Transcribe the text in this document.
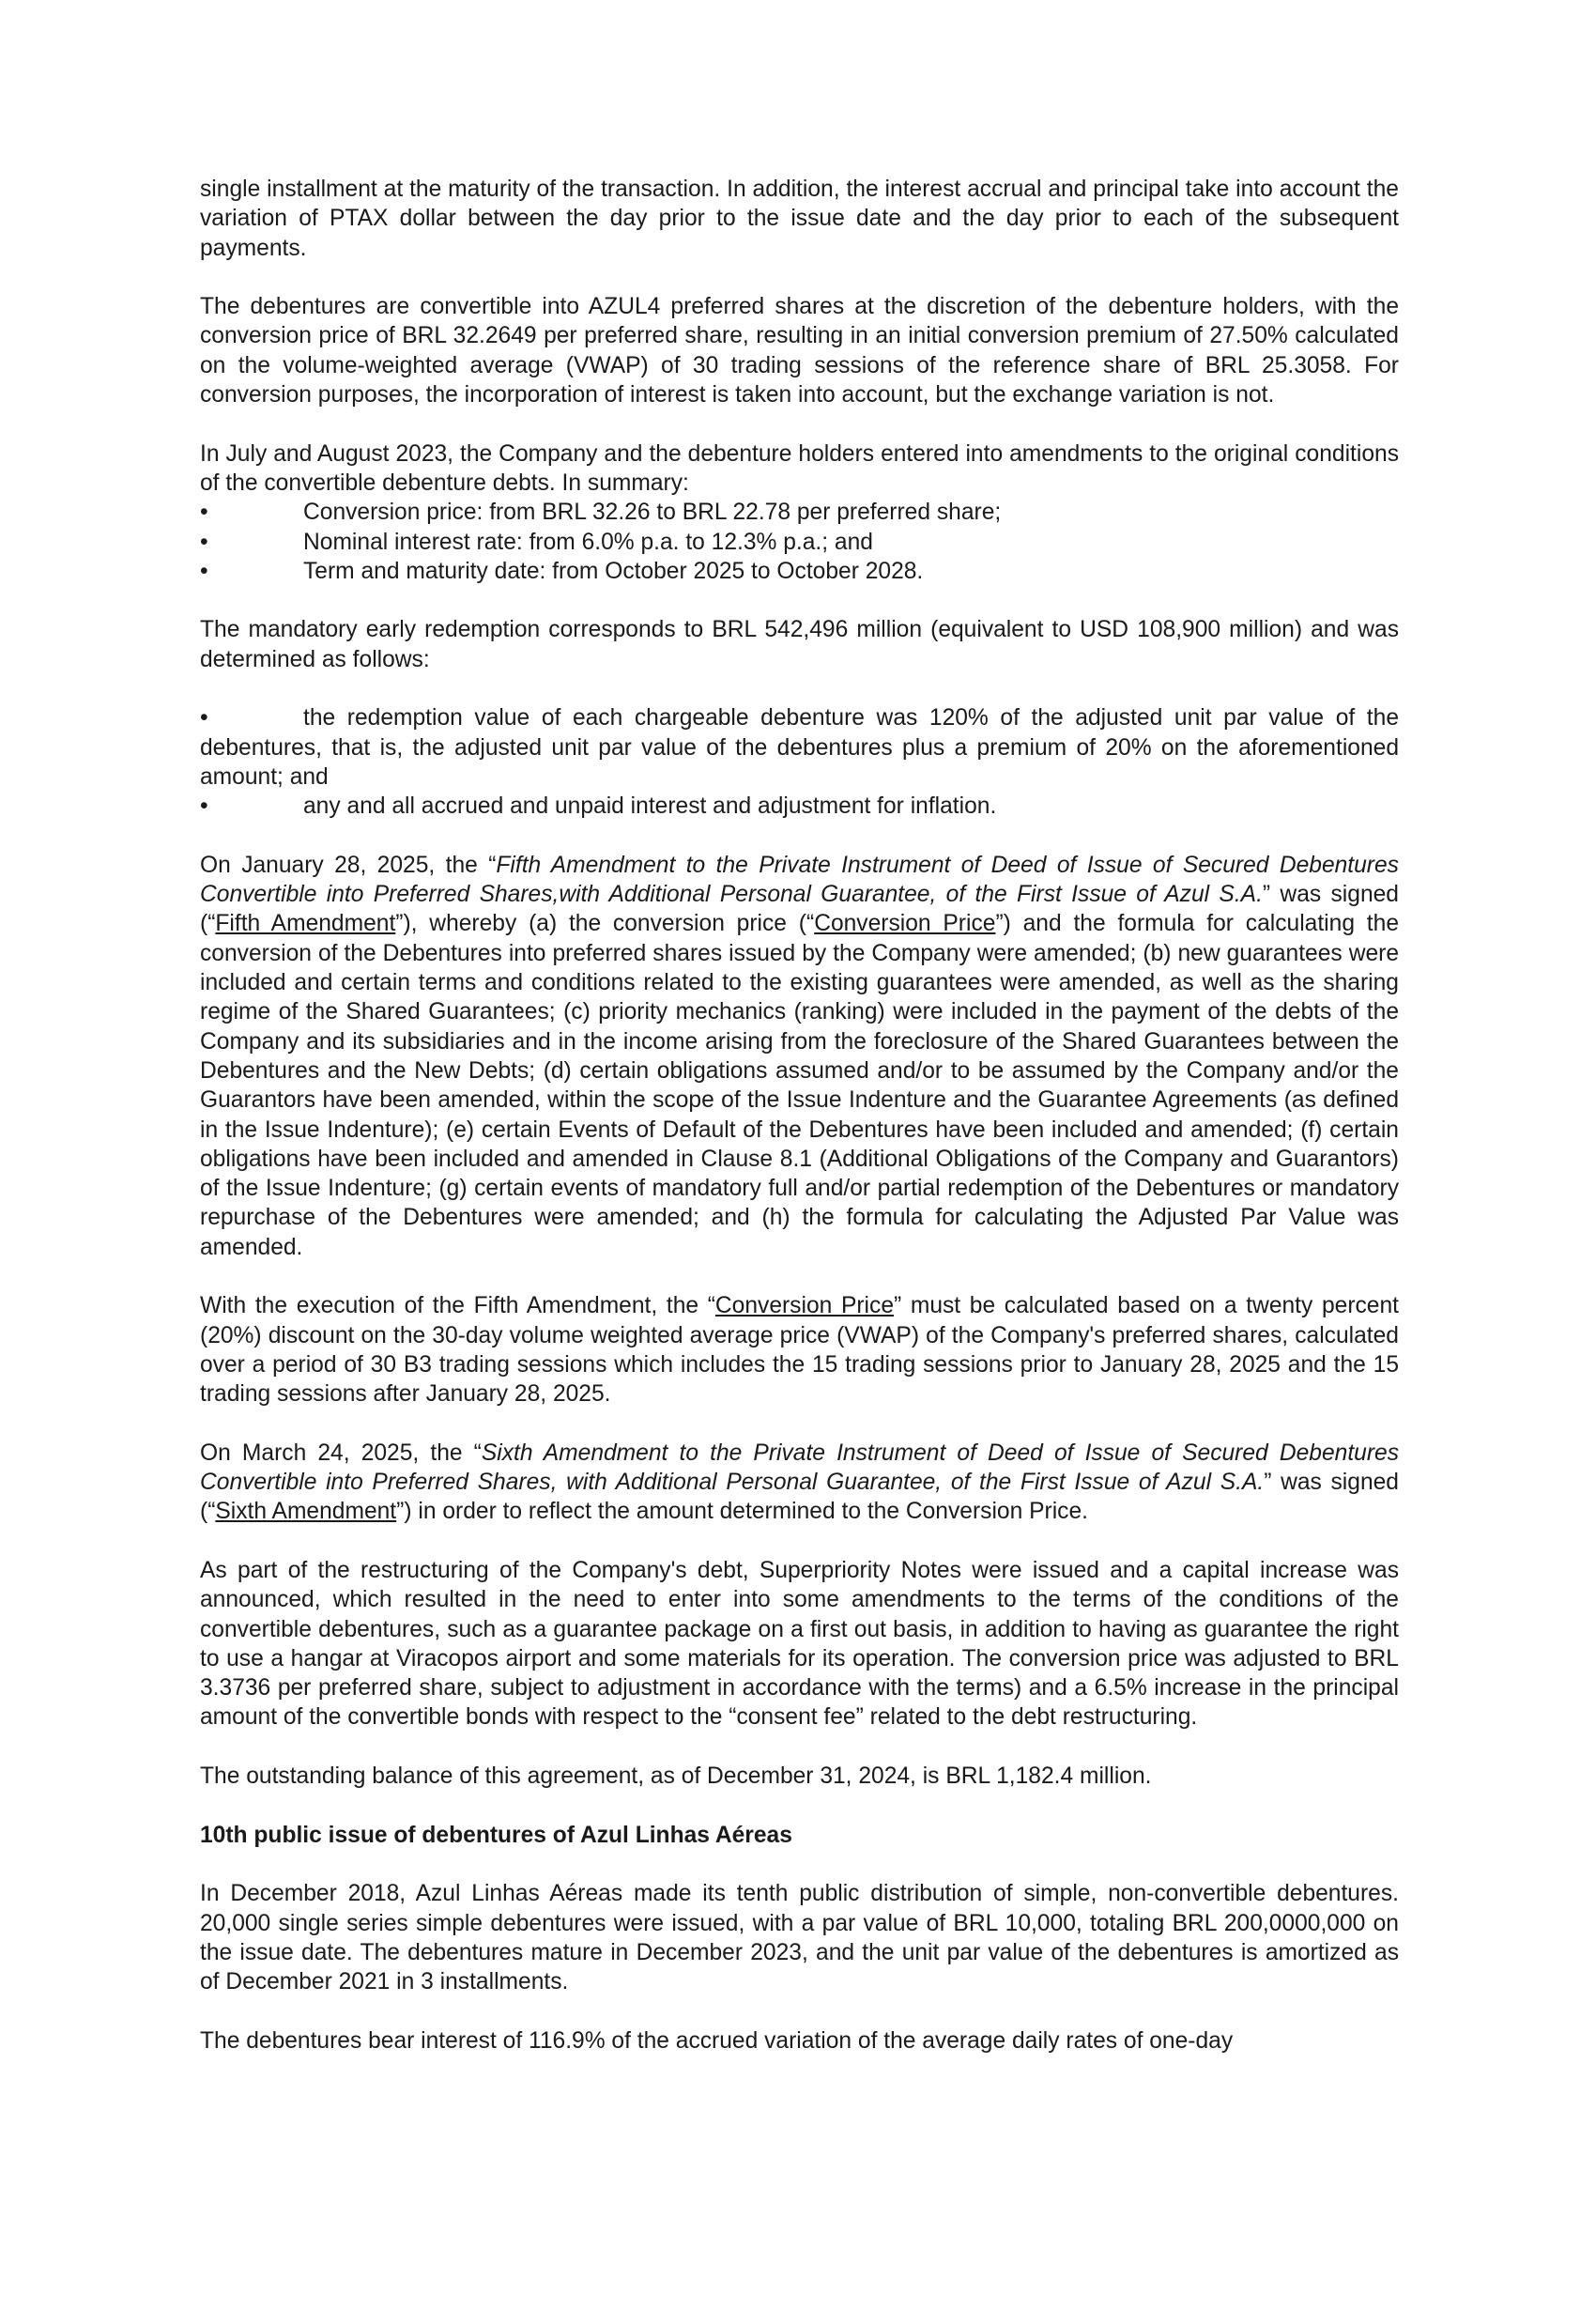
single installment at the maturity of the transaction. In addition, the interest accrual and principal take into account the variation of PTAX dollar between the day prior to the issue date and the day prior to each of the subsequent payments.

The debentures are convertible into AZUL4 preferred shares at the discretion of the debenture holders, with the conversion price of BRL 32.2649 per preferred share, resulting in an initial conversion premium of 27.50% calculated on the volume-weighted average (VWAP) of 30 trading sessions of the reference share of BRL 25.3058. For conversion purposes, the incorporation of interest is taken into account, but the exchange variation is not.

In July and August 2023, the Company and the debenture holders entered into amendments to the original conditions of the convertible debenture debts. In summary:

•	Conversion price: from BRL 32.26 to BRL 22.78 per preferred share;
•	Nominal interest rate: from 6.0% p.a. to 12.3% p.a.; and
•	Term and maturity date: from October 2025 to October 2028.

The mandatory early redemption corresponds to BRL 542,496 million (equivalent to USD 108,900 million) and was determined as follows:

•	the redemption value of each chargeable debenture was 120% of the adjusted unit par value of the debentures, that is, the adjusted unit par value of the debentures plus a premium of 20% on the aforementioned amount; and
•	any and all accrued and unpaid interest and adjustment for inflation.

On January 28, 2025, the “Fifth Amendment to the Private Instrument of Deed of Issue of Secured Debentures Convertible into Preferred Shares,with Additional Personal Guarantee, of the First Issue of Azul S.A.” was signed (“Fifth Amendment”), whereby (a) the conversion price (“Conversion Price”) and the formula for calculating the conversion of the Debentures into preferred shares issued by the Company were amended; (b) new guarantees were included and certain terms and conditions related to the existing guarantees were amended, as well as the sharing regime of the Shared Guarantees; (c) priority mechanics (ranking) were included in the payment of the debts of the Company and its subsidiaries and in the income arising from the foreclosure of the Shared Guarantees between the Debentures and the New Debts; (d) certain obligations assumed and/or to be assumed by the Company and/or the Guarantors have been amended, within the scope of the Issue Indenture and the Guarantee Agreements (as defined in the Issue Indenture); (e) certain Events of Default of the Debentures have been included and amended; (f) certain obligations have been included and amended in Clause 8.1 (Additional Obligations of the Company and Guarantors) of the Issue Indenture; (g) certain events of mandatory full and/or partial redemption of the Debentures or mandatory repurchase of the Debentures were amended; and (h) the formula for calculating the Adjusted Par Value was amended.

With the execution of the Fifth Amendment, the “Conversion Price” must be calculated based on a twenty percent (20%) discount on the 30-day volume weighted average price (VWAP) of the Company's preferred shares, calculated over a period of 30 B3 trading sessions which includes the 15 trading sessions prior to January 28, 2025 and the 15 trading sessions after January 28, 2025.

On March 24, 2025, the “Sixth Amendment to the Private Instrument of Deed of Issue of Secured Debentures Convertible into Preferred Shares, with Additional Personal Guarantee, of the First Issue of Azul S.A.” was signed (“Sixth Amendment”) in order to reflect the amount determined to the Conversion Price.

As part of the restructuring of the Company's debt, Superpriority Notes were issued and a capital increase was announced, which resulted in the need to enter into some amendments to the terms of the conditions of the convertible debentures, such as a guarantee package on a first out basis, in addition to having as guarantee the right to use a hangar at Viracopos airport and some materials for its operation. The conversion price was adjusted to BRL 3.3736 per preferred share, subject to adjustment in accordance with the terms) and a 6.5% increase in the principal amount of the convertible bonds with respect to the “consent fee” related to the debt restructuring.

The outstanding balance of this agreement, as of December 31, 2024, is BRL 1,182.4 million.

10th public issue of debentures of Azul Linhas Aéreas

In December 2018, Azul Linhas Aéreas made its tenth public distribution of simple, non-convertible debentures. 20,000 single series simple debentures were issued, with a par value of BRL 10,000, totaling BRL 200,0000,000 on the issue date. The debentures mature in December 2023, and the unit par value of the debentures is amortized as of December 2021 in 3 installments.

The debentures bear interest of 116.9% of the accrued variation of the average daily rates of one-day
